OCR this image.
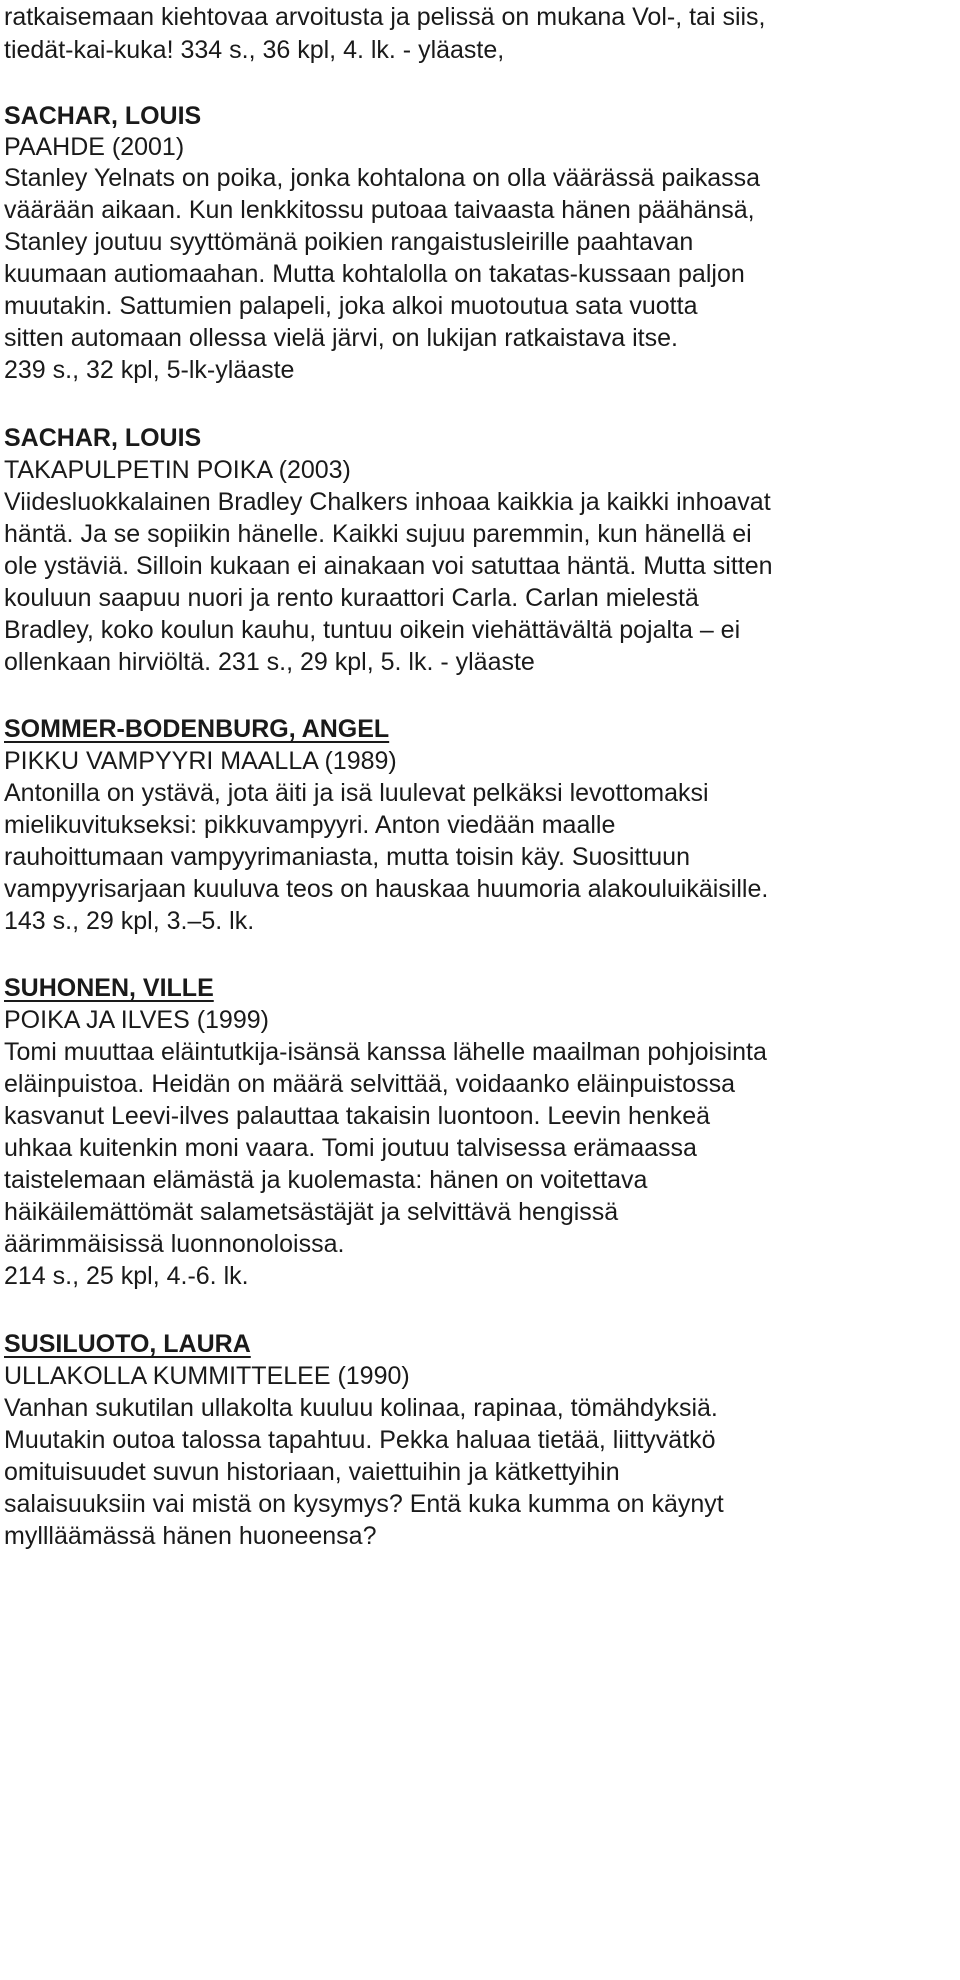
ratkaisemaan kiehtovaa arvoitusta ja pelissä on mukana Vol-, tai siis,

tiedät-kai-kuka! 334 s., 36 kpl, 4. lk. - yläaste,

SACHAR, LOUIS

PAAHDE (2001)

Stanley Yelnats on poika, jonka kohtalona on olla väärässä paikassa

väärään aikaan. Kun lenkkitossu putoaa taivaasta hänen päähänsä,

Stanley joutuu syyttömänä poikien rangaistusleirille paahtavan

kuumaan autiomaahan. Mutta kohtalolla on takatas-kussaan paljon

muutakin. Sattumien palapeli, joka alkoi muotoutua sata vuotta

sitten automaan ollessa vielä järvi, on lukijan ratkaistava itse.

239 s., 32 kpl, 5-lk-yläaste

SACHAR, LOUIS

TAKAPULPETIN POIKA (2003)

Viidesluokkalainen Bradley Chalkers inhoaa kaikkia ja kaikki inhoavat

häntä. Ja se sopiikin hänelle. Kaikki sujuu paremmin, kun hänellä ei

ole ystäviä. Silloin kukaan ei ainakaan voi satuttaa häntä. Mutta sitten

kouluun saapuu nuori ja rento kuraattori Carla. Carlan mielestä

Bradley, koko koulun kauhu, tuntuu oikein viehättävältä pojalta – ei

ollenkaan hirviöltä. 231 s., 29 kpl, 5. lk. - yläaste

SOMMER-BODENBURG, ANGEL

PIKKU VAMPYYRI MAALLA (1989)

Antonilla on ystävä, jota äiti ja isä luulevat pelkäksi levottomaksi

mielikuvitukseksi: pikkuvampyyri. Anton viedään maalle

rauhoittumaan vampyyrimaniasta, mutta toisin käy. Suosittuun

vampyyrisarjaan kuuluva teos on hauskaa huumoria alakouluikäisille.

143 s., 29 kpl, 3.–5. lk.

SUHONEN, VILLE

POIKA JA ILVES (1999)

Tomi muuttaa eläintutkija-isänsä kanssa lähelle maailman pohjoisinta

eläinpuistoa. Heidän on määrä selvittää, voidaanko eläinpuistossa

kasvanut Leevi-ilves palauttaa takaisin luontoon. Leevin henkeä

uhkaa kuitenkin moni vaara. Tomi joutuu talvisessa erämaassa

taistelemaan elämästä ja kuolemasta: hänen on voitettava

häikäilemättömät salametsästäjät ja selvittävä hengissä

äärimmäisissä luonnonoloissa.

214 s., 25 kpl, 4.-6. lk.

SUSILUOTO, LAURA

ULLAKOLLA KUMMITTELEE (1990)

Vanhan sukutilan ullakolta kuuluu kolinaa, rapinaa, tömähdyksiä.

Muutakin outoa talossa tapahtuu. Pekka haluaa tietää, liittyvätkö

omituisuudet suvun historiaan, vaiettuihin ja kätkettyihin

salaisuuksiin vai mistä on kysymys? Entä kuka kumma on käynyt

myllläämässä hänen huoneensa?
